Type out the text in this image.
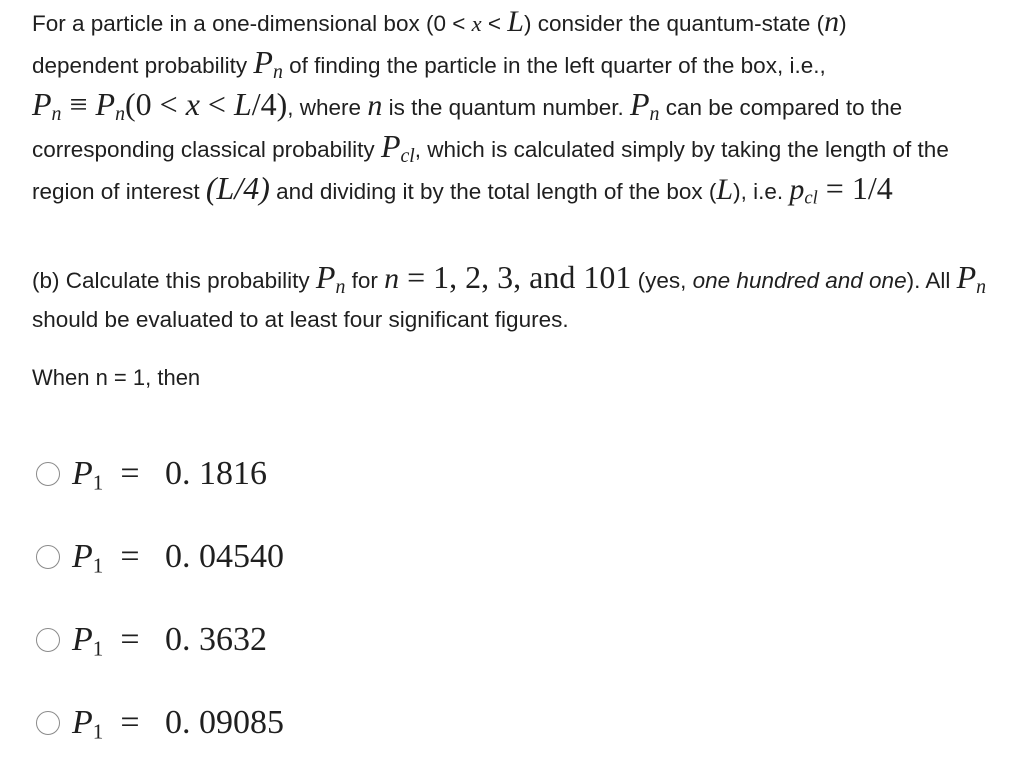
For a particle in a one-dimensional box (0 < x < L) consider the quantum-state (n)
dependent probability $P_n$ of finding the particle in the left quarter of the box, i.e.,
$P_n \equiv P_n(0 < x < L/4)$, where n is the quantum number. $P_n$ can be compared to the corresponding classical probability $P_{cl}$, which is calculated simply by taking the length of the region of interest (L/4) and dividing it by the total length of the box (L), i.e. $p_{cl} = 1/4$
(b) Calculate this probability $P_n$ for n = 1, 2, 3, and 101 (yes, one hundred and one). All $P_n$ should be evaluated to at least four significant figures.
When n = 1, then
$P_1 = 0$. 1816
$P_1 = 0$. 04540
$P_1 = 0$. 3632
$P_1 = 0$. 09085
